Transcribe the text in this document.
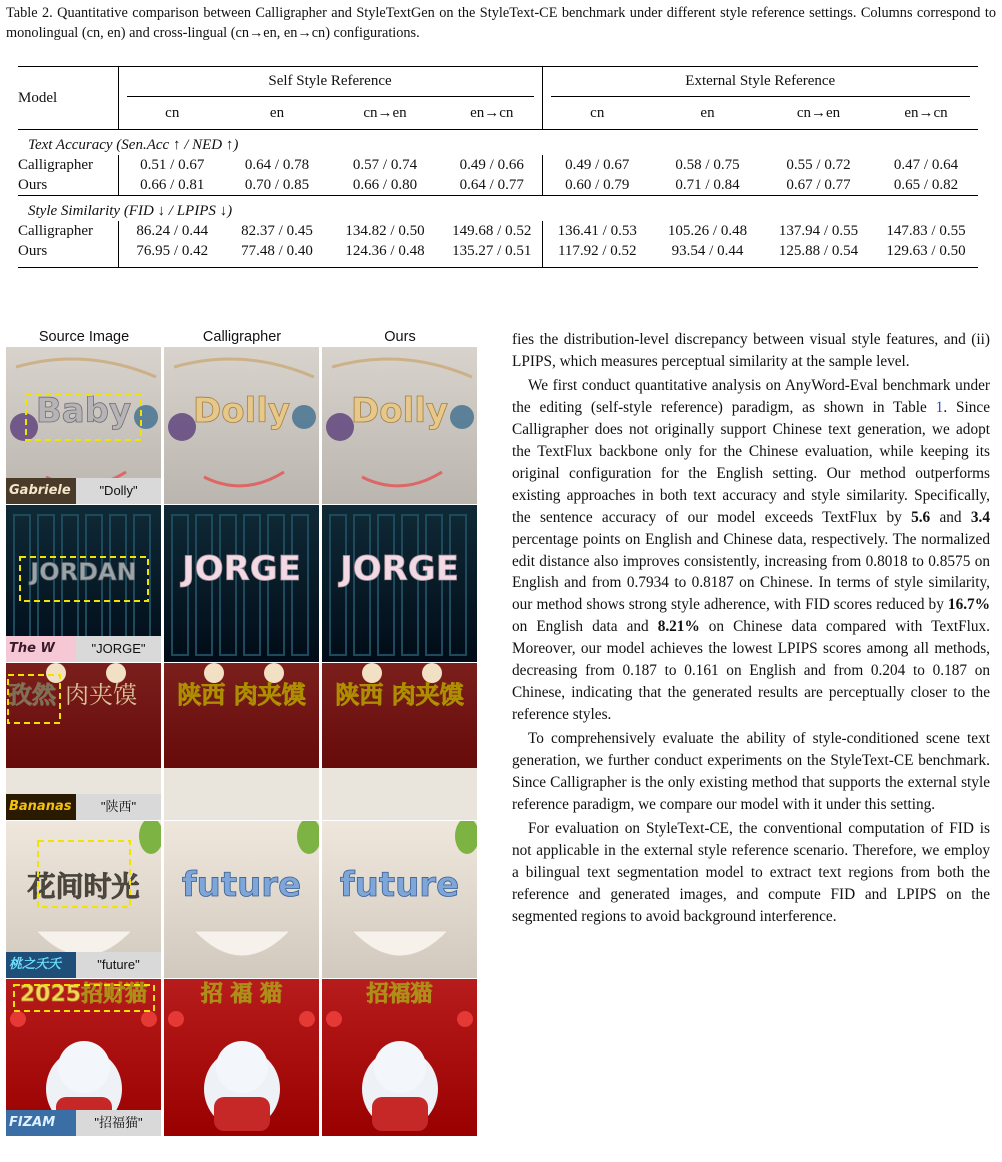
Table 2. Quantitative comparison between Calligrapher and StyleTextGen on the StyleText-CE benchmark under different style reference settings. Columns correspond to monolingual (cn, en) and cross-lingual (cn→en, en→cn) configurations.
Model	Self Style Reference				External Style Reference			

	cn	en	cn→en	en→cn	cn	en	cn→en	en→cn
Text Accuracy (Sen.Acc ↑ / NED ↑)								
Calligrapher	0.51 / 0.67	0.64 / 0.78	0.57 / 0.74	0.49 / 0.66	0.49 / 0.67	0.58 / 0.75	0.55 / 0.72	0.47 / 0.64
Ours	0.66 / 0.81	0.70 / 0.85	0.66 / 0.80	0.64 / 0.77	0.60 / 0.79	0.71 / 0.84	0.67 / 0.77	0.65 / 0.82
Style Similarity (FID ↓ / LPIPS ↓)								
Calligrapher	86.24 / 0.44	82.37 / 0.45	134.82 / 0.50	149.68 / 0.52	136.41 / 0.53	105.26 / 0.48	137.94 / 0.55	147.83 / 0.55
Ours	76.95 / 0.42	77.48 / 0.40	124.36 / 0.48	135.27 / 0.51	117.92 / 0.52	93.54 / 0.44	125.88 / 0.54	129.63 / 0.50
Source Image	Calligrapher	Ours
Baby
Gabriele	"Dolly"
Dolly Dolly
JORDAN
The W	"JORGE"
JORGE JORGE
孜然 肉夹馍
Bananas	"陕西"
陕西 肉夹馍 陕西 肉夹馍
花间时光
桃之夭夭	"future"
future future
2025招财猫
FIZAM	"招福猫"
招 福 猫	招福猫

fies the distribution-level discrepancy between visual style features, and (ii) LPIPS, which measures perceptual similarity at the sample level.

We first conduct quantitative analysis on AnyWord-Eval benchmark under the editing (self-style reference) paradigm, as shown in Table 1. Since Calligrapher does not originally support Chinese text generation, we adopt the TextFlux backbone only for the Chinese evaluation, while keeping its original configuration for the English setting. Our method outperforms existing approaches in both text accuracy and style similarity. Specifically, the sentence accuracy of our model exceeds TextFlux by 5.6 and 3.4 percentage points on English and Chinese data, respectively. The normalized edit distance also improves consistently, increasing from 0.8018 to 0.8575 on English and from 0.7934 to 0.8187 on Chinese. In terms of style similarity, our method shows strong style adherence, with FID scores reduced by 16.7% on English data and 8.21% on Chinese data compared with TextFlux. Moreover, our model achieves the lowest LPIPS scores among all methods, decreasing from 0.187 to 0.161 on English and from 0.204 to 0.187 on Chinese, indicating that the generated results are perceptually closer to the reference styles.

To comprehensively evaluate the ability of style-conditioned scene text generation, we further conduct experiments on the StyleText-CE benchmark. Since Calligrapher is the only existing method that supports the external style reference paradigm, we compare our model with it under this setting.

For evaluation on StyleText-CE, the conventional computation of FID is not applicable in the external style reference scenario. Therefore, we employ a bilingual text segmentation model to extract text regions from both the reference and generated images, and compute FID and LPIPS on the segmented regions to avoid background interference.
